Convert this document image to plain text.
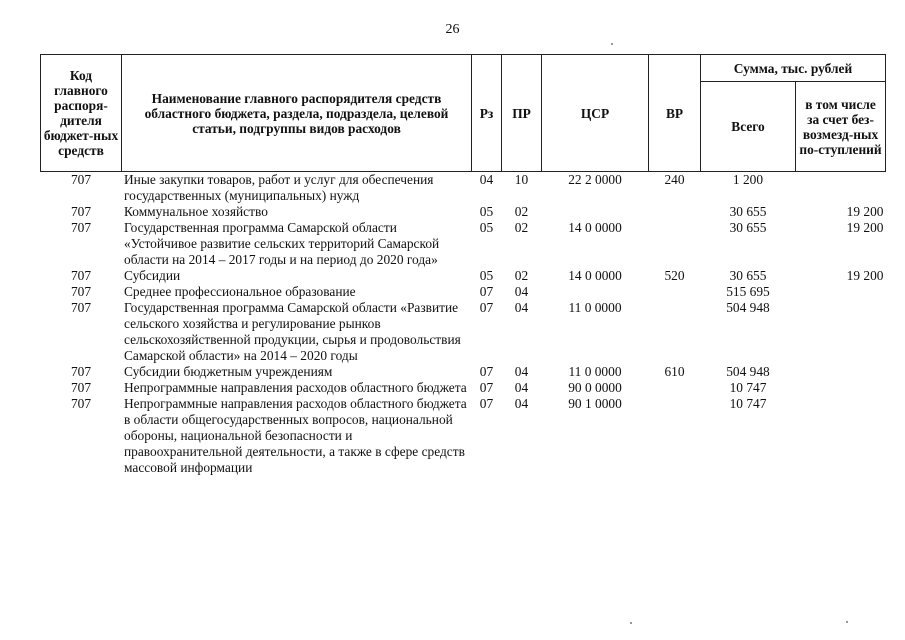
26
Код главного распоря-дителя бюджет-ных средств	Наименование главного распорядителя средств областного бюджета, раздела, подраздела, целевой статьи, подгруппы видов расходов	Рз	ПР	ЦСР	ВР	Сумма, тыс. рублей	
						Всего	в том числе за счет без-возмезд-ных по-ступлений
707	Иные закупки товаров, работ и услуг для обеспечения государственных (муниципальных) нужд	04	10	22 2 0000	240	1 200	
707	Коммунальное хозяйство	05	02			30 655	19 200
707	Государственная программа Самарской области «Устойчивое развитие сельских территорий Самарской области на 2014 – 2017 годы и на период до 2020 года»	05	02	14 0 0000		30 655	19 200
707	Субсидии	05	02	14 0 0000	520	30 655	19 200
707	Среднее профессиональное образование	07	04			515 695	
707	Государственная программа Самарской области «Развитие сельского хозяйства и регулирование рынков сельскохозяйственной продукции, сырья и продовольствия Самарской области» на 2014 – 2020 годы	07	04	11 0 0000		504 948	
707	Субсидии бюджетным учреждениям	07	04	11 0 0000	610	504 948	
707	Непрограммные направления расходов областного бюджета	07	04	90 0 0000		10 747	
707	Непрограммные направления расходов областного бюджета в области общегосударственных вопросов, национальной обороны, национальной безопасности и правоохранительной деятельности, а также в сфере средств массовой информации	07	04	90 1 0000		10 747	
